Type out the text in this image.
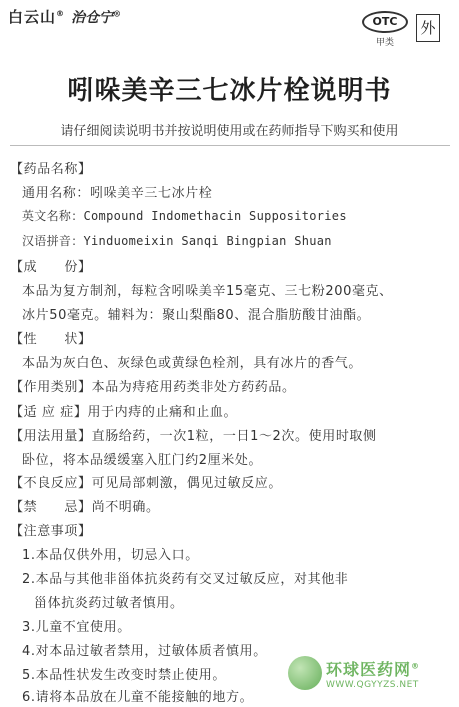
白云山® 治仓宁®
OTC
甲类
外
吲哚美辛三七冰片栓说明书
请仔细阅读说明书并按说明使用或在药师指导下购买和使用
【药品名称】
通用名称：吲哚美辛三七冰片栓
英文名称：Compound Indomethacin Suppositories
汉语拼音：Yinduomeixin Sanqi Bingpian Shuan
【成　　份】
本品为复方制剂，每粒含吲哚美辛15毫克、三七粉200毫克、
冰片50毫克。辅料为：聚山梨酯80、混合脂肪酸甘油酯。
【性　　状】
本品为灰白色、灰绿色或黄绿色栓剂，具有冰片的香气。
【作用类别】本品为痔疮用药类非处方药药品。
【适 应 症】用于内痔的止痛和止血。
【用法用量】直肠给药，一次1粒，一日1～2次。使用时取侧
卧位，将本品缓缓塞入肛门约2厘米处。
【不良反应】可见局部刺激，偶见过敏反应。
【禁　　忌】尚不明确。
【注意事项】
1.本品仅供外用，切忌入口。
2.本品与其他非甾体抗炎药有交叉过敏反应，对其他非
甾体抗炎药过敏者慎用。
3.儿童不宜使用。
4.对本品过敏者禁用，过敏体质者慎用。
5.本品性状发生改变时禁止使用。
6.请将本品放在儿童不能接触的地方。
环球医药网®
WWW.QGYYZS.NET
